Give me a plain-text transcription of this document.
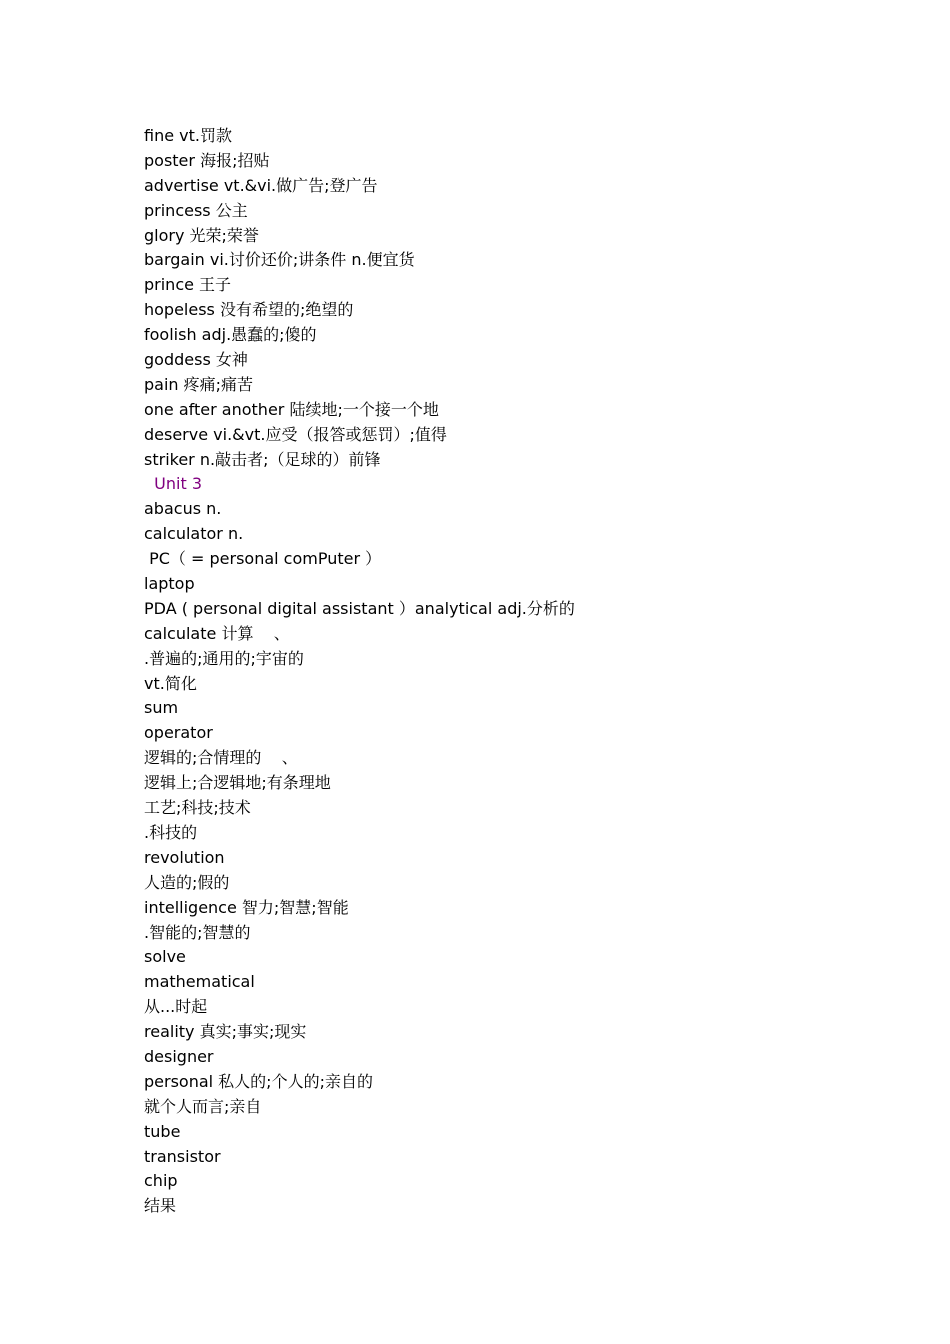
fine vt.罚款
poster 海报;招贴
advertise vt.&vi.做广告;登广告
princess 公主
glory 光荣;荣誉
bargain vi.讨价还价;讲条件 n.便宜货
prince 王子
hopeless 没有希望的;绝望的
foolish adj.愚蠢的;傻的
goddess 女神
pain 疼痛;痛苦
one after another 陆续地;一个接一个地
deserve vi.&vt.应受（报答或惩罚）;值得
striker n.敲击者;（足球的）前锋
Unit 3
abacus n.
calculator n.
PC（ = personal comPuter ）
laptop
PDA ( personal digital assistant ）analytical adj.分析的
calculate 计算    、
.普遍的;通用的;宇宙的
vt.简化
sum
operator
逻辑的;合情理的    、
逻辑上;合逻辑地;有条理地
工艺;科技;技术
.科技的
revolution
人造的;假的
intelligence 智力;智慧;智能
.智能的;智慧的
solve
mathematical
从...时起
reality 真实;事实;现实
designer
personal 私人的;个人的;亲自的
就个人而言;亲自
tube
transistor
chip
结果
